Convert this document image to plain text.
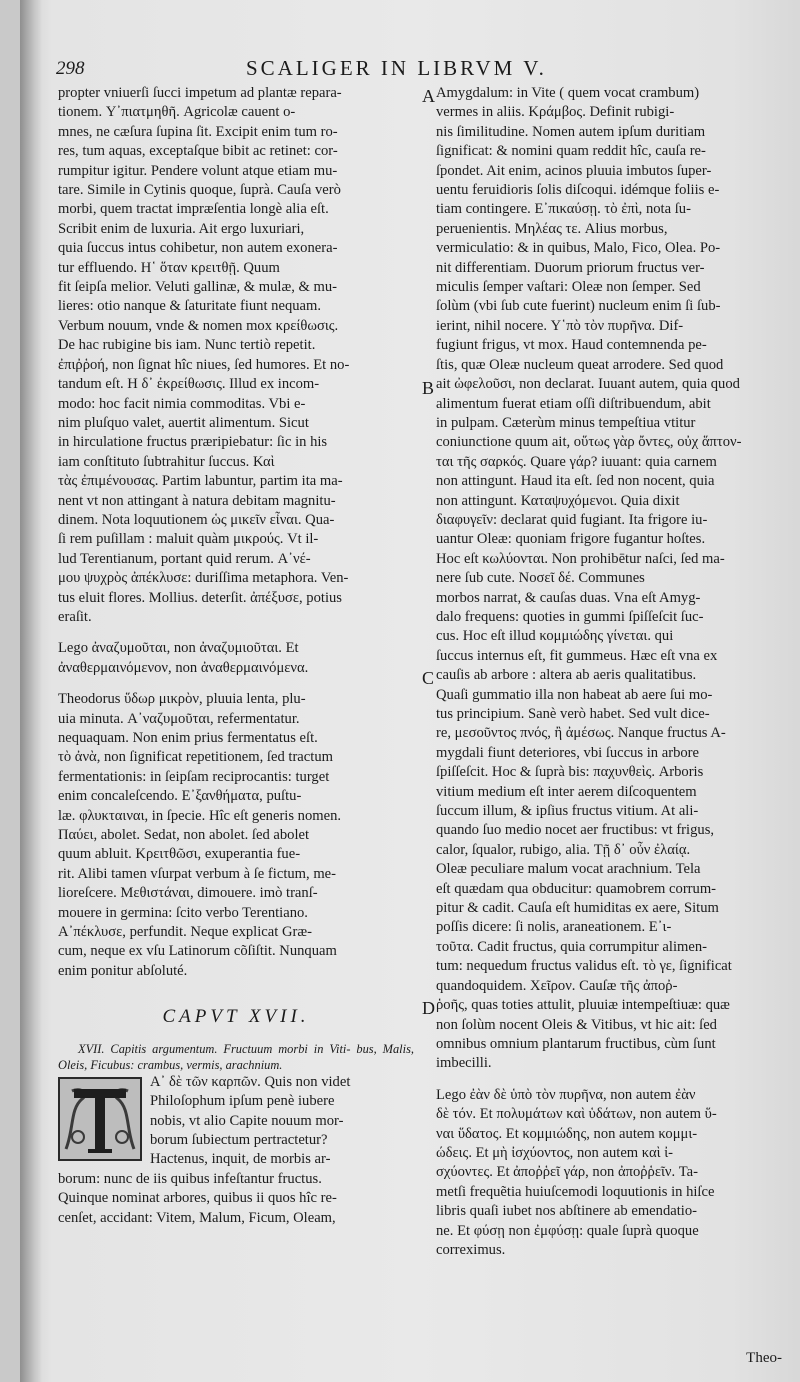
298	SCALIGER IN LIBRVM V.

propter vniuerſi ſucci impetum ad plantæ repara-
tionem. Υ᾽πιατμηθῆ. Agricolæ cauent o-
mnes, ne cæſura ſupina ſit. Excipit enim tum ro-
res, tum aquas, exceptaſque bibit ac retinet: cor-
rumpitur igitur. Pendere volunt atque etiam mu-
tare. Simile in Cytinis quoque, ſuprà. Cauſa verò
morbi, quem tractat impræſentia longè alia eſt.
Scribit enim de luxuria. Ait ergo luxuriari,
quia ſuccus intus cohibetur, non autem exonera-
tur effluendo. Η῾ ὅταν κρειτθῇ. Quum
fit ſeipſa melior. Veluti gallinæ, & mulæ, & mu-
lieres: otio nanque & ſaturitate fiunt nequam.
Verbum nouum, vnde & nomen mox κρείθωσις.
De hac rubigine bis iam. Nunc tertiò repetit.
ἐπιῤῥοή, non ſignat hîc niues, ſed humores. Et no-
tandum eſt. Η δ᾽ ἐκρείθωσις. Illud ex incom-
modo: hoc facit nimia commoditas. Vbi e-
nim pluſquo valet, auertit alimentum. Sicut
in hirculatione fructus præripiebatur: ſic in his
iam conſtituto ſubtrahitur ſuccus. Καὶ
τὰς ἐπιμένουσας. Partim labuntur, partim ita ma-
nent vt non attingant à natura debitam magnitu-
dinem. Nota loquutionem ὡς μικεῖν εἶναι. Qua-
ſi rem puſillam : maluit quàm μικρούς. Vt il-
lud Terentianum, portant quid rerum. Α᾽νέ-
μου ψυχρὸς ἀπέκλυσε: duriſſima metaphora. Ven-
tus eluit flores. Mollius. deterſit. ἀπέξυσε, potius
eraſit.

Lego ἀναζυμοῦται, non ἀναζυμιοῦται. Et
ἀναθερμαινόμενον, non ἀναθερμαινόμενα.

Theodorus ὕδωρ μικρὸν, pluuia lenta, plu-
uia minuta. Α᾽ναζυμοῦται, refermentatur.
nequaquam. Non enim prius fermentatus eſt.
τὸ ἀνὰ, non ſignificat repetitionem, ſed tractum
fermentationis: in ſeipſam reciprocantis: turget
enim concaleſcendo. Ε᾽ξανθήματα, puſtu-
læ. φλυκταιναι, in ſpecie. Hîc eſt generis nomen.
Παύει, abolet. Sedat, non abolet. ſed abolet
quum abluit. Κρειτθῶσι, exuperantia fue-
rit. Alibi tamen vſurpat verbum à ſe fictum, me-
lioreſcere. Μεθιστάναι, dimouere. imò tranſ-
mouere in germina: ſcito verbo Terentiano.
Α᾽πέκλυσε, perfundit. Neque explicat Græ-
cum, neque ex vſu Latinorum cõſiſtit. Nunquam
enim ponitur abſoluté.

CAPVT XVII.

XVII. Capitis argumentum. Fructuum morbi in Viti- bus, Malis, Oleis, Ficubus: crambus, vermis, arachnium.

A᾽ δὲ τῶν καρπῶν. Quis non videt
Philoſophum ipſum penè iubere
nobis, vt alio Capite nouum mor-
borum ſubiectum pertractetur?
Hactenus, inquit, de morbis ar-

borum: nunc de iis quibus infeſtantur fructus.
Quinque nominat arbores, quibus ii quos hîc re-
cenſet, accidant: Vitem, Malum, Ficum, Oleam,

A
B
C
D

Amygdalum: in Vite ( quem vocat crambum)
vermes in aliis. Κράμβος. Definit rubigi-
nis ſimilitudine. Nomen autem ipſum duritiam
ſignificat: & nomini quam reddit hîc, cauſa re-
ſpondet. Ait enim, acinos pluuia imbutos ſuper-
uentu feruidioris ſolis diſcoqui. idémque foliis e-
tiam contingere. Ε᾽πικαύσῃ. τὸ ἐπὶ, nota ſu-
peruenientis. Μηλέας τε. Alius morbus,
vermiculatio: & in quibus, Malo, Fico, Olea. Po-
nit differentiam. Duorum priorum fructus ver-
miculis ſemper vaſtari: Oleæ non ſemper. Sed
ſolùm (vbi ſub cute fuerint) nucleum enim ſi ſub-
ierint, nihil nocere. Υ῾πὸ τὸν πυρῆνα. Dif-
fugiunt frigus, vt mox. Haud contemnenda pe-
ſtis, quæ Oleæ nucleum queat arrodere. Sed quod
ait ὠφελοῦσι, non declarat. Iuuant autem, quia quod
alimentum fuerat etiam oſſi diſtribuendum, abit
in pulpam. Cæterùm minus tempeſtiua vtitur
coniunctione quum ait, οὕτως γὰρ ὄντες, οὐχ ἅπτον-
ται τῆς σαρκός. Quare γάρ? iuuant: quia carnem
non attingunt. Haud ita eſt. ſed non nocent, quia
non attingunt. Καταψυχόμενοι. Quia dixit
διαφυγεῖν: declarat quid fugiant. Ita frigore iu-
uantur Oleæ: quoniam frigore fugantur hoſtes.
Hoc eſt κωλύονται. Non prohibētur naſci, ſed ma-
nere ſub cute. Νοσεῖ δέ. Communes
morbos narrat, & cauſas duas. Vna eſt Amyg-
dalo frequens: quoties in gummi ſpiſſeſcit ſuc-
cus. Hoc eſt illud κομμιώδης γίνεται. qui
ſuccus internus eſt, fit gummeus. Hæc eſt vna ex
cauſis ab arbore : altera ab aeris qualitatibus.
Quaſi gummatio illa non habeat ab aere ſui mo-
tus principium. Sanè verò habet. Sed vult dice-
re, μεσοῦντος πνός, ἢ ἀμέσως. Nanque fructus A-
mygdali fiunt deteriores, vbi ſuccus in arbore
ſpiſſeſcit. Hoc & ſuprà bis: παχυνθεὶς. Arboris
vitium medium eſt inter aerem diſcoquentem
ſuccum illum, & ipſius fructus vitium. At ali-
quando ſuo medio nocet aer fructibus: vt frigus,
calor, ſqualor, rubigo, alia. Τῇ δ᾽ οὖν ἐλαίᾳ.
Oleæ peculiare malum vocat arachnium. Tela
eſt quædam qua obducitur: quamobrem corrum-
pitur & cadit. Cauſa eſt humiditas ex aere, Situm
poſſis dicere: ſi nolis, araneationem. Ε᾽ι-
τοῦτα. Cadit fructus, quia corrumpitur alimen-
tum: nequedum fructus validus eſt. τὸ γε, ſignificat
quandoquidem. Χεῖρον. Cauſæ τῆς ἀποῤ-
ῥοῆς, quas toties attulit, pluuiæ intempeſtiuæ: quæ
non ſolùm nocent Oleis & Vitibus, vt hic ait: ſed
omnibus omnium plantarum fructibus, cùm ſunt
imbecilli.

Lego ἐὰν δὲ ὑπὸ τὸν πυρῆνα, non autem ἐὰν
δὲ τόν. Et πολυμάτων καὶ ὑδάτων, non autem ὕ-
ναι ὕδατος. Et κομμιώδης, non autem κομμι-
ώδεις. Et μὴ ἰσχύοντος, non autem καὶ ἰ-
σχύοντες. Et ἀποῤῥεῖ γάρ, non ἀποῤῥεῖν. Ta-
metſi frequẽtia huiuſcemodi loquutionis in hiſce
libris quaſi iubet nos abſtinere ab emendatio-
ne. Et φύσῃ non ἐμφύσῃ: quale ſuprà quoque
correximus.

Theo-
